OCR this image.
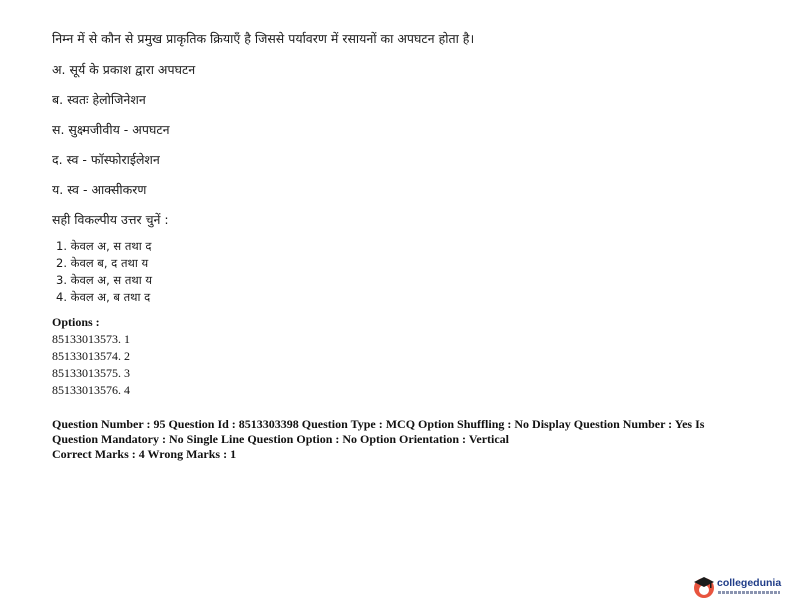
निम्न में से कौन से प्रमुख प्राकृतिक क्रियाएँ है जिससे पर्यावरण में रसायनों का अपघटन होता है।
अ. सूर्य के प्रकाश द्वारा अपघटन
ब. स्वतः हेलोजिनेशन
स. सुक्ष्मजीवीय - अपघटन
द. स्व - फॉस्फोराईलेशन
य. स्व - आक्सीकरण
सही विकल्पीय उत्तर चुनें :
1. केवल अ, स तथा द
2. केवल ब, द तथा य
3. केवल अ, स तथा य
4. केवल अ, ब तथा द
Options :
85133013573. 1
85133013574. 2
85133013575. 3
85133013576. 4

Question Number : 95 Question Id : 8513303398 Question Type : MCQ Option Shuffling : No Display Question Number : Yes Is Question Mandatory : No Single Line Question Option : No Option Orientation : Vertical

Correct Marks : 4 Wrong Marks : 1

collegedunia
